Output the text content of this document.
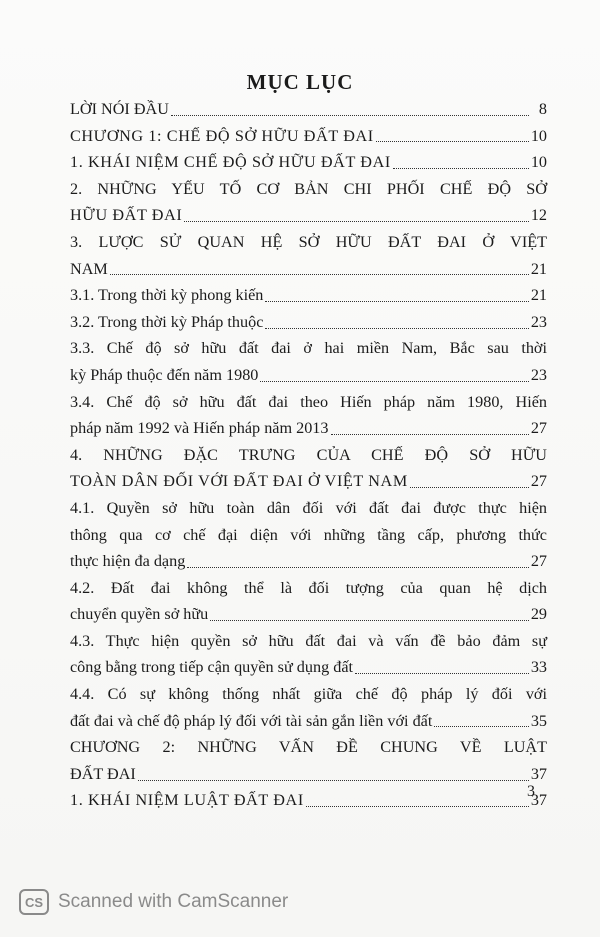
MỤC LỤC
LỜI NÓI ĐẦU	8
CHƯƠNG 1: CHẾ ĐỘ SỞ HỮU ĐẤT ĐAI	10
1. KHÁI NIỆM CHẾ ĐỘ SỞ HỮU ĐẤT ĐAI	10
2. NHỮNG YẾU TỐ CƠ BẢN CHI PHỐI CHẾ ĐỘ SỞ
HỮU ĐẤT ĐAI	12
3. LƯỢC SỬ QUAN HỆ SỞ HỮU ĐẤT ĐAI Ở VIỆT
NAM	21
3.1. Trong thời kỳ phong kiến	21
3.2. Trong thời kỳ Pháp thuộc	23
3.3. Chế độ sở hữu đất đai ở hai miền Nam, Bắc sau thời
kỳ Pháp thuộc đến năm 1980	23
3.4. Chế độ sở hữu đất đai theo Hiến pháp năm 1980, Hiến
pháp năm 1992 và Hiến pháp năm 2013	27
4. NHỮNG ĐẶC TRƯNG CỦA CHẾ ĐỘ SỞ HỮU
TOÀN DÂN ĐỐI VỚI ĐẤT ĐAI Ở VIỆT NAM	27
4.1. Quyền sở hữu toàn dân đối với đất đai được thực hiện
thông qua cơ chế đại diện với những tầng cấp, phương thức
thực hiện đa dạng	27
4.2. Đất đai không thể là đối tượng của quan hệ dịch
chuyển quyền sở hữu	29
4.3. Thực hiện quyền sở hữu đất đai và vấn đề bảo đảm sự
công bằng trong tiếp cận quyền sử dụng đất	33
4.4. Có sự không thống nhất giữa chế độ pháp lý đối với
đất đai và chế độ pháp lý đối với tài sản gắn liền với đất	35
CHƯƠNG 2: NHỮNG VẤN ĐỀ CHUNG VỀ LUẬT
ĐẤT ĐAI	37
1. KHÁI NIỆM LUẬT ĐẤT ĐAI	37
3
CS Scanned with CamScanner
